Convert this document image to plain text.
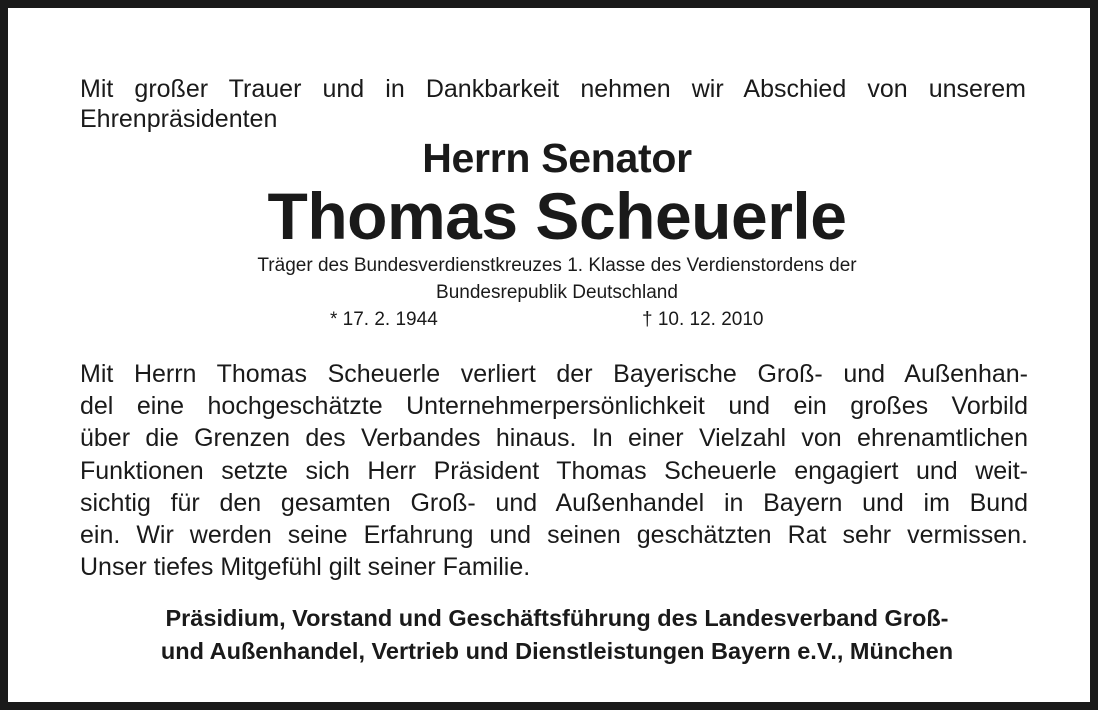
Mit großer Trauer und in Dankbarkeit nehmen wir Abschied von unserem
Ehrenpräsidenten
Herrn Senator
Thomas Scheuerle
Träger des Bundesverdienstkreuzes 1. Klasse des Verdienstordens der
Bundesrepublik Deutschland
* 17. 2. 1944	† 10. 12. 2010
Mit Herrn Thomas Scheuerle verliert der Bayerische Groß- und Außenhan-
del eine hochgeschätzte Unternehmerpersönlichkeit und ein großes Vorbild
über die Grenzen des Verbandes hinaus. In einer Vielzahl von ehrenamtlichen
Funktionen setzte sich Herr Präsident Thomas Scheuerle engagiert und weit-
sichtig für den gesamten Groß- und Außenhandel in Bayern und im Bund
ein. Wir werden seine Erfahrung und seinen geschätzten Rat sehr vermissen.
Unser tiefes Mitgefühl gilt seiner Familie.
Präsidium, Vorstand und Geschäftsführung des Landesverband Groß-
und Außenhandel, Vertrieb und Dienstleistungen Bayern e.V., München
